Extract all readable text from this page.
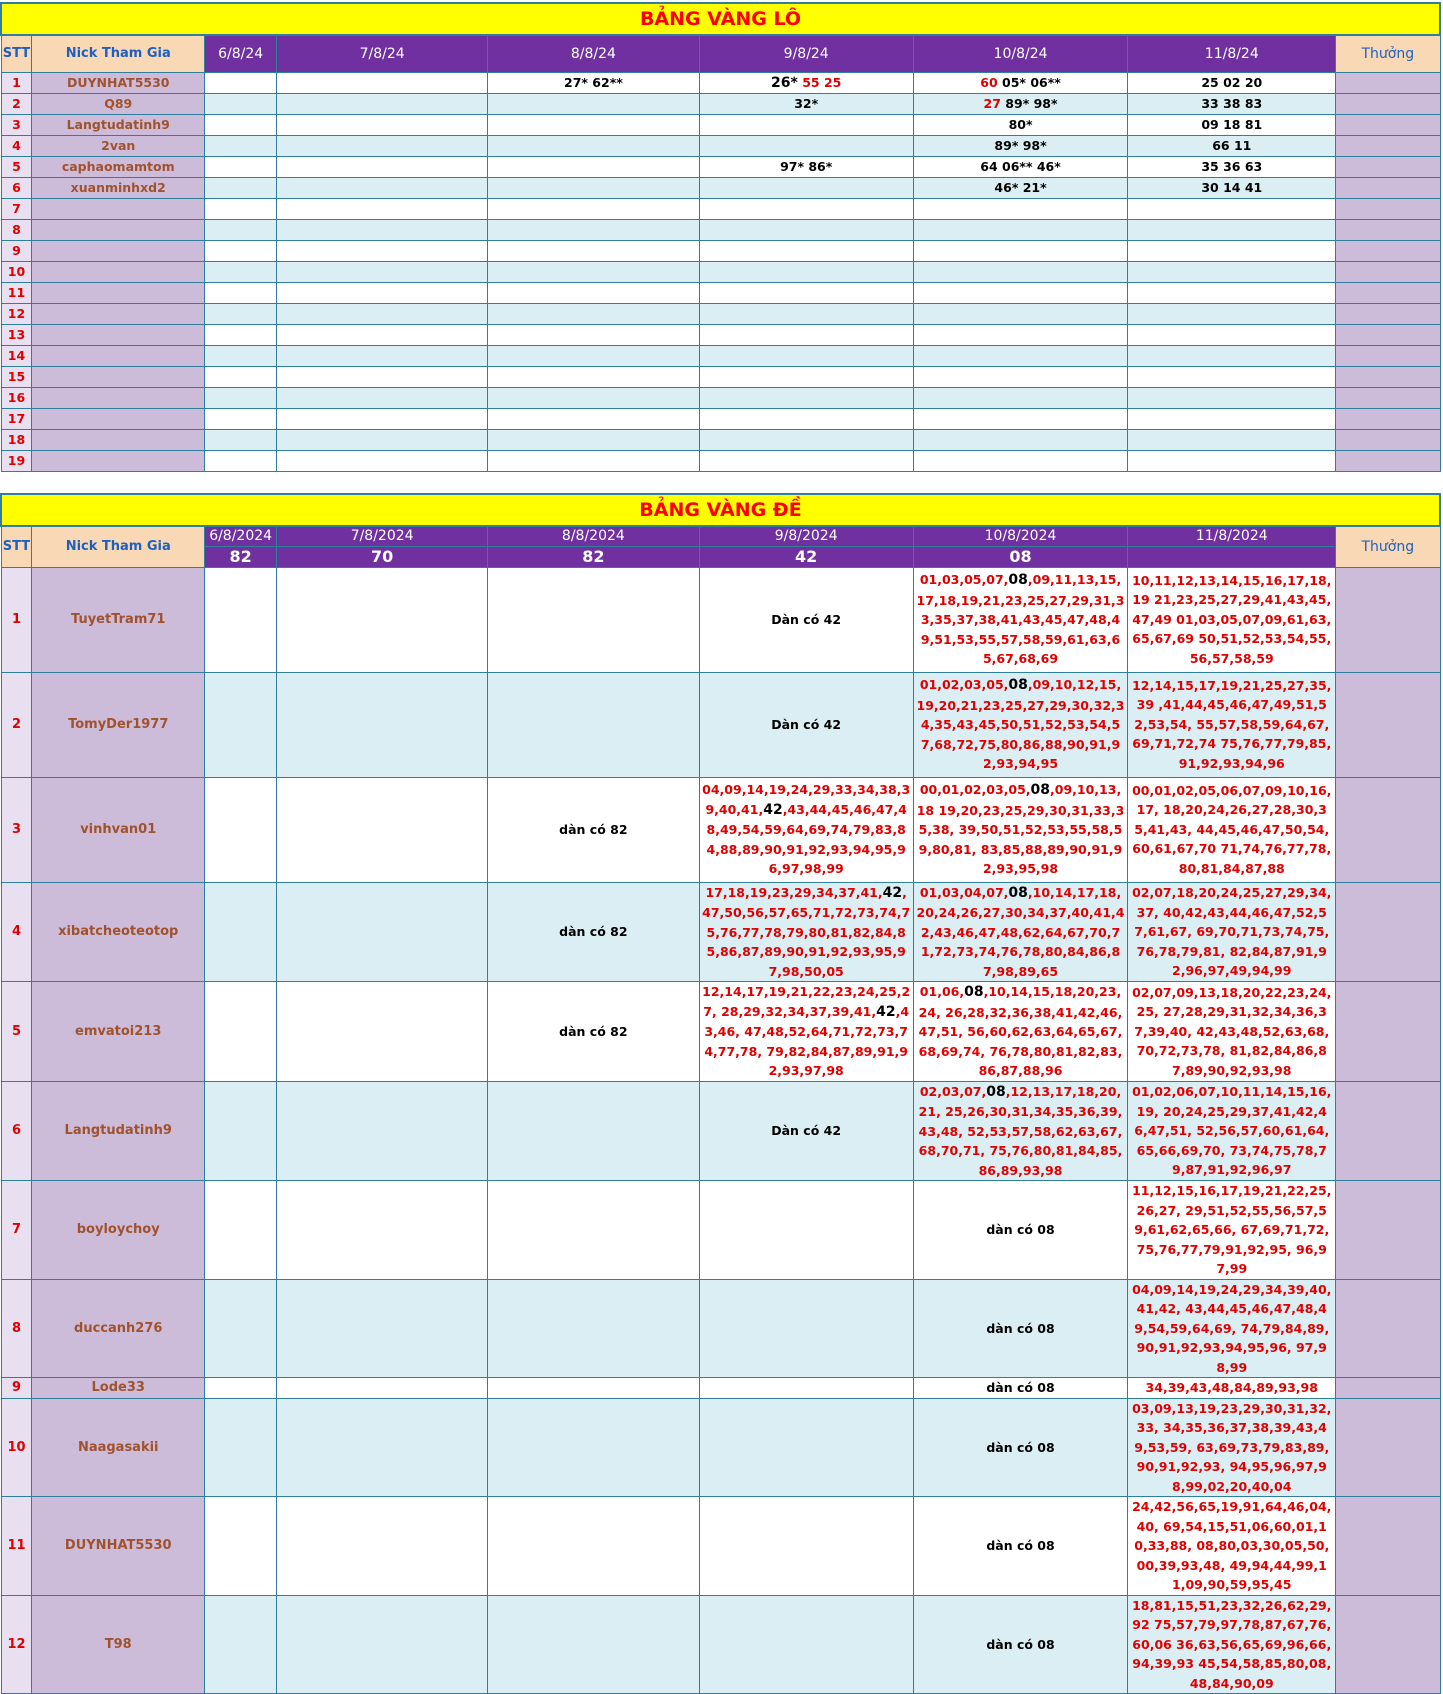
BẢNG VÀNG LÔ								
STT	Nick Tham Gia	6/8/24	7/8/24	8/8/24	9/8/24	10/8/24	11/8/24	Thưởng
1	DUYNHAT5530			27* 62**	26* 55 25	60 05* 06**	25 02 20	
2	Q89				32*	27 89* 98*	33 38 83	
3	Langtudatinh9					80*	09 18 81	
4	2van					89* 98*	66 11	
5	caphaomamtom				97* 86*	64 06** 46*	35 36 63	
6	xuanminhxd2					46* 21*	30 14 41	
7								
8								
9								
10								
11								
12								
13								
14								
15								
16								
17								
18								
19								
BẢNG VÀNG ĐỀ								
STT	Nick Tham Gia	6/8/2024	7/8/2024	8/8/2024	9/8/2024	10/8/2024	11/8/2024	Thưởng
		82	70	82	42	08		
1	TuyetTram71				Dàn có 42	01,03,05,07,08,09,11,13,15,17,18,19,21,23,25,27,29,31,33,35,37,38,41,43,45,47,48,49,51,53,55,57,58,59,61,63,65,67,68,69	10,11,12,13,14,15,16,17,18,19 21,23,25,27,29,41,43,45,47,49 01,03,05,07,09,61,63,65,67,69 50,51,52,53,54,55,56,57,58,59	
2	TomyDer1977				Dàn có 42	01,02,03,05,08,09,10,12,15,19,20,21,23,25,27,29,30,32,34,35,43,45,50,51,52,53,54,57,68,72,75,80,86,88,90,91,92,93,94,95	12,14,15,17,19,21,25,27,35,39 ,41,44,45,46,47,49,51,52,53,54, 55,57,58,59,64,67,69,71,72,74 75,76,77,79,85,91,92,93,94,96	
3	vinhvan01			dàn có 82	04,09,14,19,24,29,33,34,38,39,40,41,42,43,44,45,46,47,48,49,54,59,64,69,74,79,83,84,88,89,90,91,92,93,94,95,96,97,98,99	00,01,02,03,05,08,09,10,13,18 19,20,23,25,29,30,31,33,35,38, 39,50,51,52,53,55,58,59,80,81, 83,85,88,89,90,91,92,93,95,98	00,01,02,05,06,07,09,10,16,17, 18,20,24,26,27,28,30,35,41,43, 44,45,46,47,50,54,60,61,67,70 71,74,76,77,78,80,81,84,87,88	
4	xibatcheoteotop			dàn có 82	17,18,19,23,29,34,37,41,42,47,50,56,57,65,71,72,73,74,75,76,77,78,79,80,81,82,84,85,86,87,89,90,91,92,93,95,97,98,50,05	01,03,04,07,08,10,14,17,18,20,24,26,27,30,34,37,40,41,42,43,46,47,48,62,64,67,70,71,72,73,74,76,78,80,84,86,87,98,89,65	02,07,18,20,24,25,27,29,34,37, 40,42,43,44,46,47,52,57,61,67, 69,70,71,73,74,75,76,78,79,81, 82,84,87,91,92,96,97,49,94,99	
5	emvatoi213			dàn có 82	12,14,17,19,21,22,23,24,25,27, 28,29,32,34,37,39,41,42,43,46, 47,48,52,64,71,72,73,74,77,78, 79,82,84,87,89,91,92,93,97,98	01,06,08,10,14,15,18,20,23,24, 26,28,32,36,38,41,42,46,47,51, 56,60,62,63,64,65,67,68,69,74, 76,78,80,81,82,83,86,87,88,96	02,07,09,13,18,20,22,23,24,25, 27,28,29,31,32,34,36,37,39,40, 42,43,48,52,63,68,70,72,73,78, 81,82,84,86,87,89,90,92,93,98	
6	Langtudatinh9				Dàn có 42	02,03,07,08,12,13,17,18,20,21, 25,26,30,31,34,35,36,39,43,48, 52,53,57,58,62,63,67,68,70,71, 75,76,80,81,84,85,86,89,93,98	01,02,06,07,10,11,14,15,16,19, 20,24,25,29,37,41,42,46,47,51, 52,56,57,60,61,64,65,66,69,70, 73,74,75,78,79,87,91,92,96,97	
7	boyloychoy					dàn có 08	11,12,15,16,17,19,21,22,25,26,27, 29,51,52,55,56,57,59,61,62,65,66, 67,69,71,72,75,76,77,79,91,92,95, 96,97,99	
8	duccanh276					dàn có 08	04,09,14,19,24,29,34,39,40,41,42, 43,44,45,46,47,48,49,54,59,64,69, 74,79,84,89,90,91,92,93,94,95,96, 97,98,99	
9	Lode33					dàn có 08	34,39,43,48,84,89,93,98	
10	Naagasakii					dàn có 08	03,09,13,19,23,29,30,31,32,33, 34,35,36,37,38,39,43,49,53,59, 63,69,73,79,83,89,90,91,92,93, 94,95,96,97,98,99,02,20,40,04	
11	DUYNHAT5530					dàn có 08	24,42,56,65,19,91,64,46,04,40, 69,54,15,51,06,60,01,10,33,88, 08,80,03,30,05,50,00,39,93,48, 49,94,44,99,11,09,90,59,95,45	
12	T98					dàn có 08	18,81,15,51,23,32,26,62,29,92 75,57,79,97,78,87,67,76,60,06 36,63,56,65,69,96,66,94,39,93 45,54,58,85,80,08,48,84,90,09	
